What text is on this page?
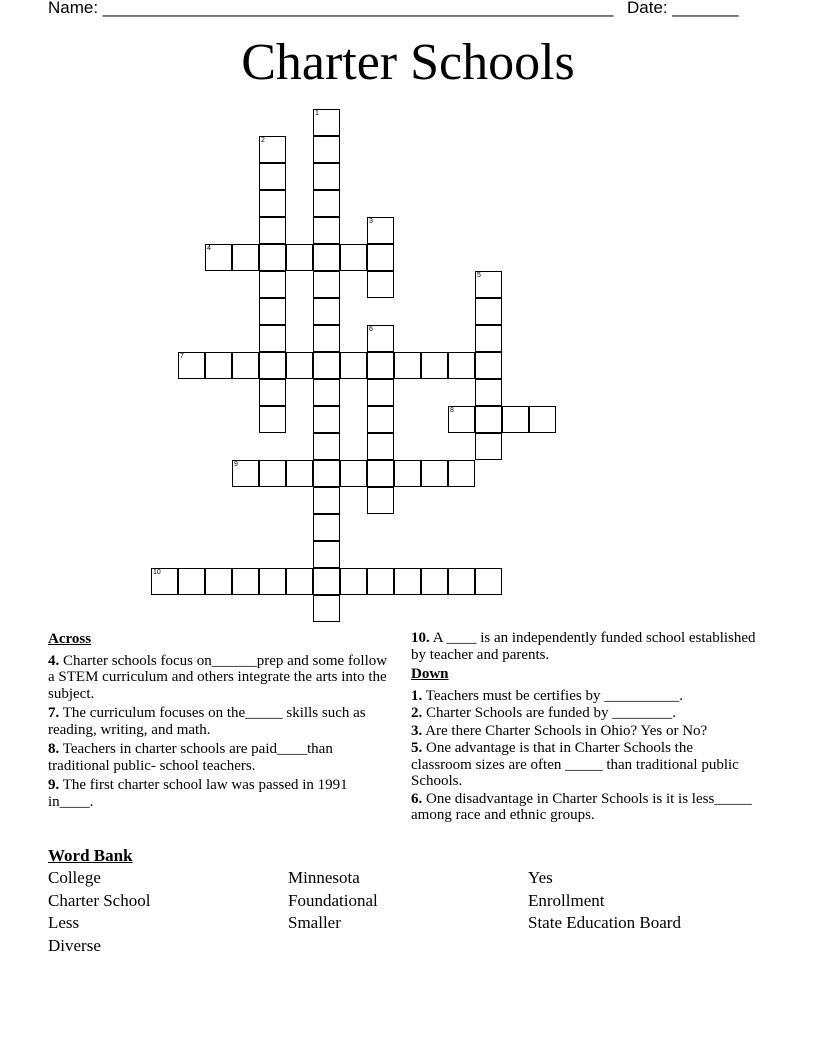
Name: ______________________________________________________ Date: _______
Charter Schools
1
2
3
4
5
6
7
8
9
10
Across
4. Charter schools focus on______prep and some follow a STEM curriculum and others integrate the arts into the subject.
7. The curriculum focuses on the_____ skills such as reading, writing, and math.
8. Teachers in charter schools are paid____than traditional public- school teachers.
9. The first charter school law was passed in 1991 in____.
10. A ____ is an independently funded school established by teacher and parents.
Down
1. Teachers must be certifies by __________.
2. Charter Schools are funded by ________.
3. Are there Charter Schools in Ohio? Yes or No?
5. One advantage is that in Charter Schools the classroom sizes are often _____ than traditional public Schools.
6. One disadvantage in Charter Schools is it is less_____ among race and ethnic groups.
Word Bank
College
Charter School
Less
Diverse
Minnesota
Foundational
Smaller
Yes
Enrollment
State Education Board
